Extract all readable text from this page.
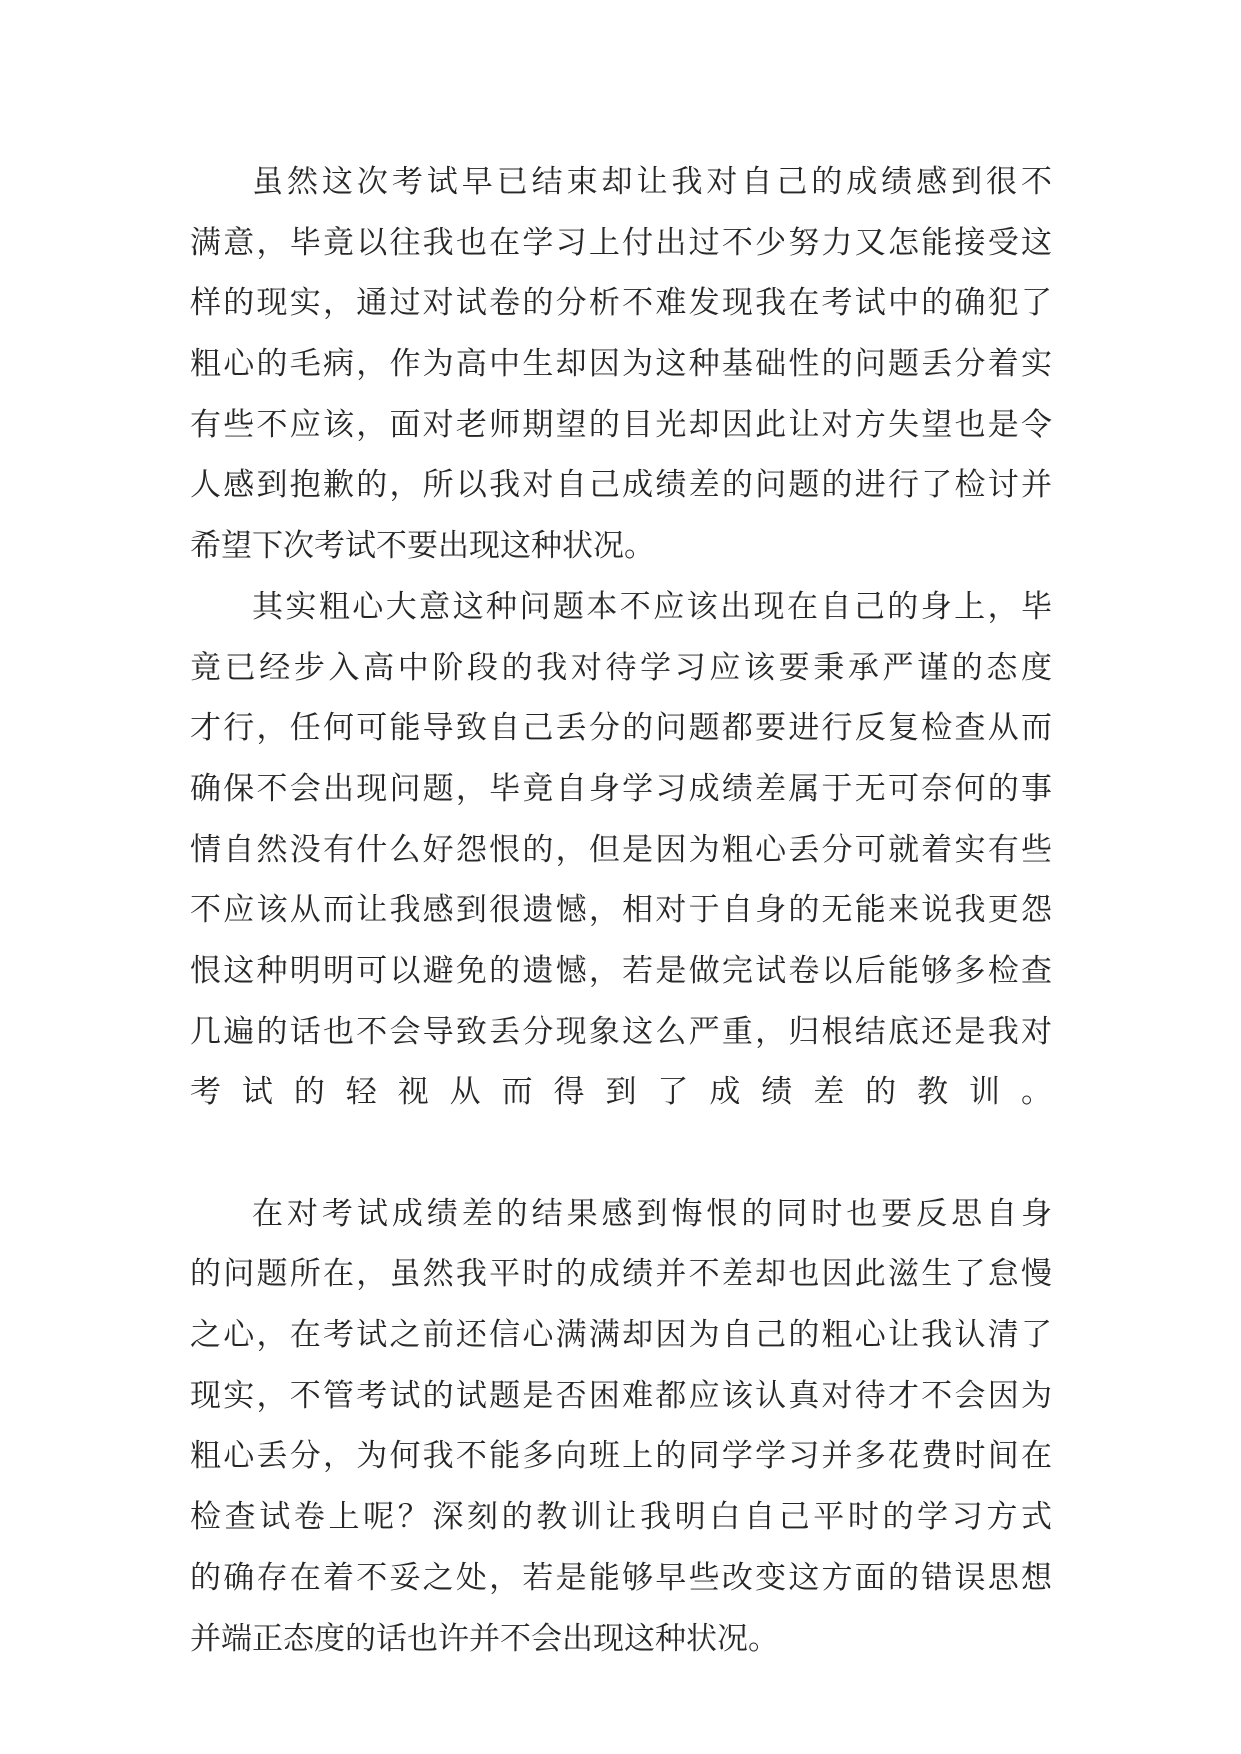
虽然这次考试早已结束却让我对自己的成绩感到很不
满意，毕竟以往我也在学习上付出过不少努力又怎能接受这
样的现实，通过对试卷的分析不难发现我在考试中的确犯了
粗心的毛病，作为高中生却因为这种基础性的问题丢分着实
有些不应该，面对老师期望的目光却因此让对方失望也是令
人感到抱歉的，所以我对自己成绩差的问题的进行了检讨并
希望下次考试不要出现这种状况。
其实粗心大意这种问题本不应该出现在自己的身上，毕
竟已经步入高中阶段的我对待学习应该要秉承严谨的态度
才行，任何可能导致自己丢分的问题都要进行反复检查从而
确保不会出现问题，毕竟自身学习成绩差属于无可奈何的事
情自然没有什么好怨恨的，但是因为粗心丢分可就着实有些
不应该从而让我感到很遗憾，相对于自身的无能来说我更怨
恨这种明明可以避免的遗憾，若是做完试卷以后能够多检查
几遍的话也不会导致丢分现象这么严重，归根结底还是我对
考试的轻视从而得到了成绩差的教训。
在对考试成绩差的结果感到悔恨的同时也要反思自身
的问题所在，虽然我平时的成绩并不差却也因此滋生了怠慢
之心，在考试之前还信心满满却因为自己的粗心让我认清了
现实，不管考试的试题是否困难都应该认真对待才不会因为
粗心丢分，为何我不能多向班上的同学学习并多花费时间在
检查试卷上呢？深刻的教训让我明白自己平时的学习方式
的确存在着不妥之处，若是能够早些改变这方面的错误思想
并端正态度的话也许并不会出现这种状况。
